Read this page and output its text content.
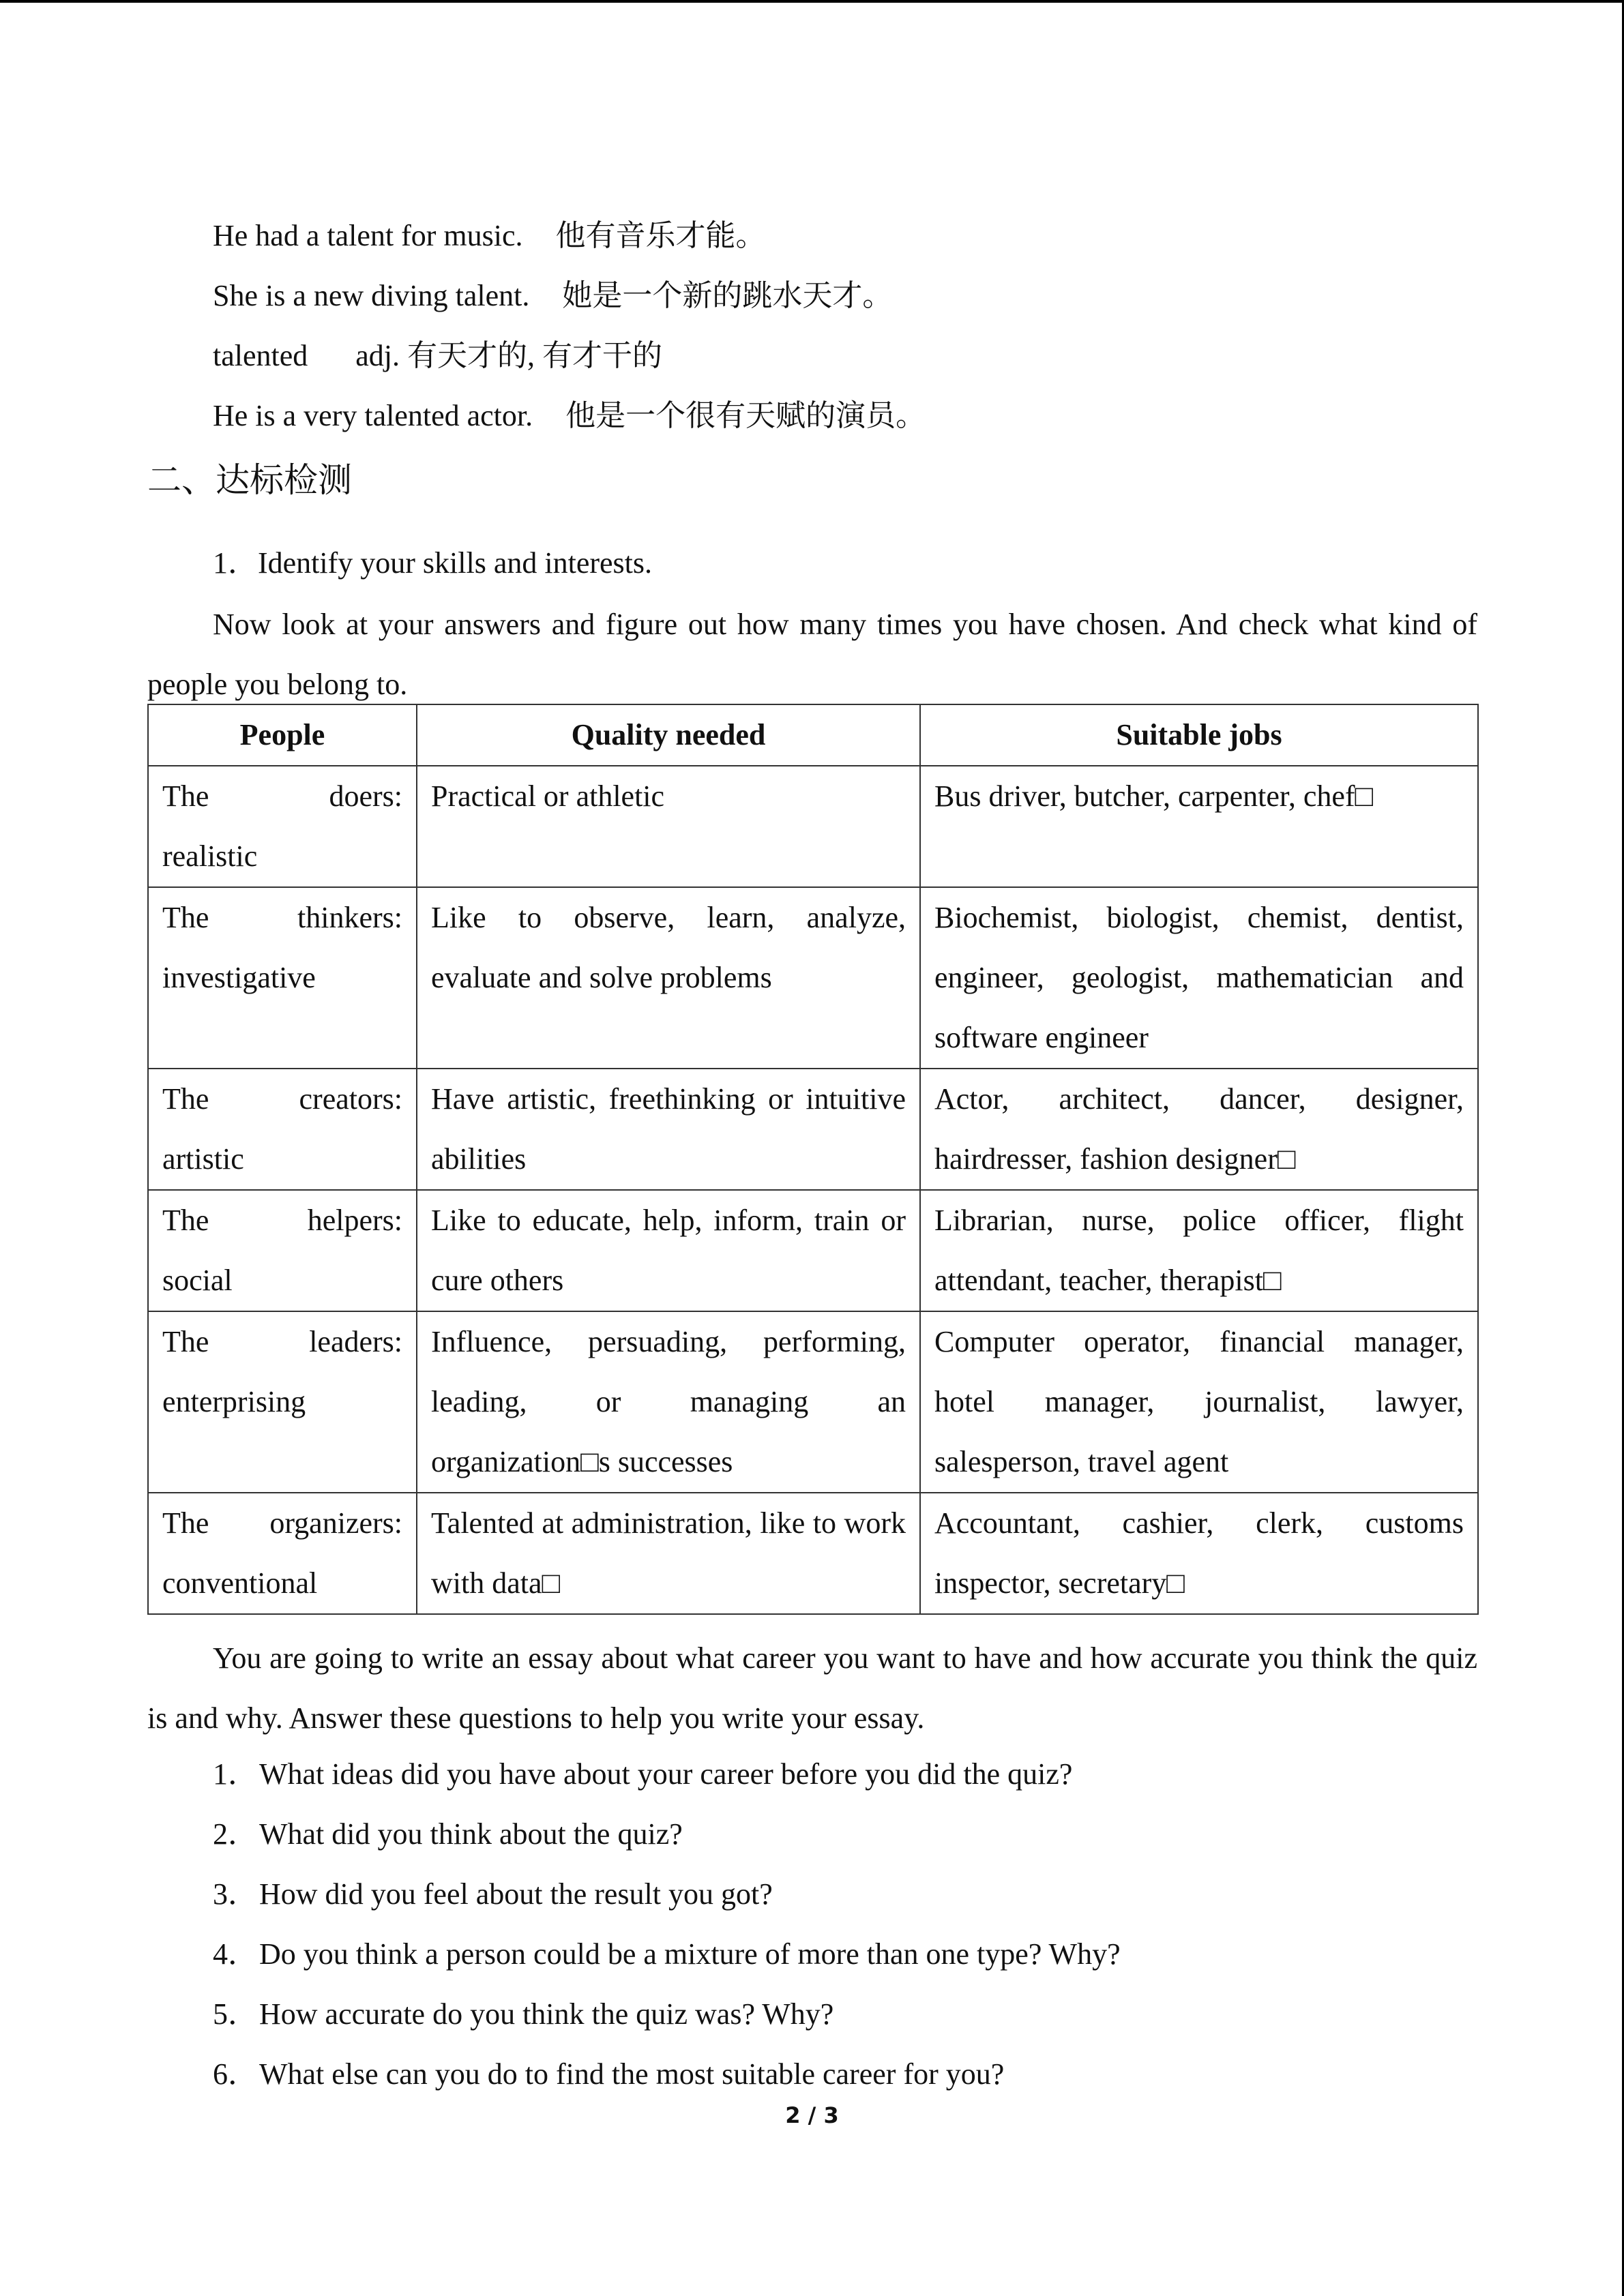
He had a talent for music. 他有音乐才能。
She is a new diving talent. 她是一个新的跳水天才。
talented adj. 有天才的, 有才干的
He is a very talented actor. 他是一个很有天赋的演员。
二、达标检测
1．Identify your skills and interests.
Now look at your answers and figure out how many times you have chosen. And check what kind of people you belong to.
People	Quality needed	Suitable jobs

The doers:
realistic	Practical or athletic	Bus driver, butcher, carpenter, chef□

The thinkers:
investigative	Like to observe, learn, analyze, evaluate and solve problems	Biochemist, biologist, chemist, dentist, engineer, geologist, mathematician and software engineer

The creators:
artistic	Have artistic, freethinking or intuitive abilities	Actor, architect, dancer, designer, hairdresser, fashion designer□

The helpers:
social	Like to educate, help, inform, train or cure others	Librarian, nurse, police officer, flight attendant, teacher, therapist□

The leaders:
enterprising	Influence, persuading, performing, leading, or managing an organization□s successes	Computer operator, financial manager, hotel manager, journalist, lawyer, salesperson, travel agent

The organizers:
conventional	Talented at administration, like to work with data□	Accountant, cashier, clerk, customs inspector, secretary□
You are going to write an essay about what career you want to have and how accurate you think the quiz is and why. Answer these questions to help you write your essay.
1．What ideas did you have about your career before you did the quiz?
2．What did you think about the quiz?
3．How did you feel about the result you got?
4．Do you think a person could be a mixture of more than one type? Why?
5．How accurate do you think the quiz was? Why?
6．What else can you do to find the most suitable career for you?
2 / 3
